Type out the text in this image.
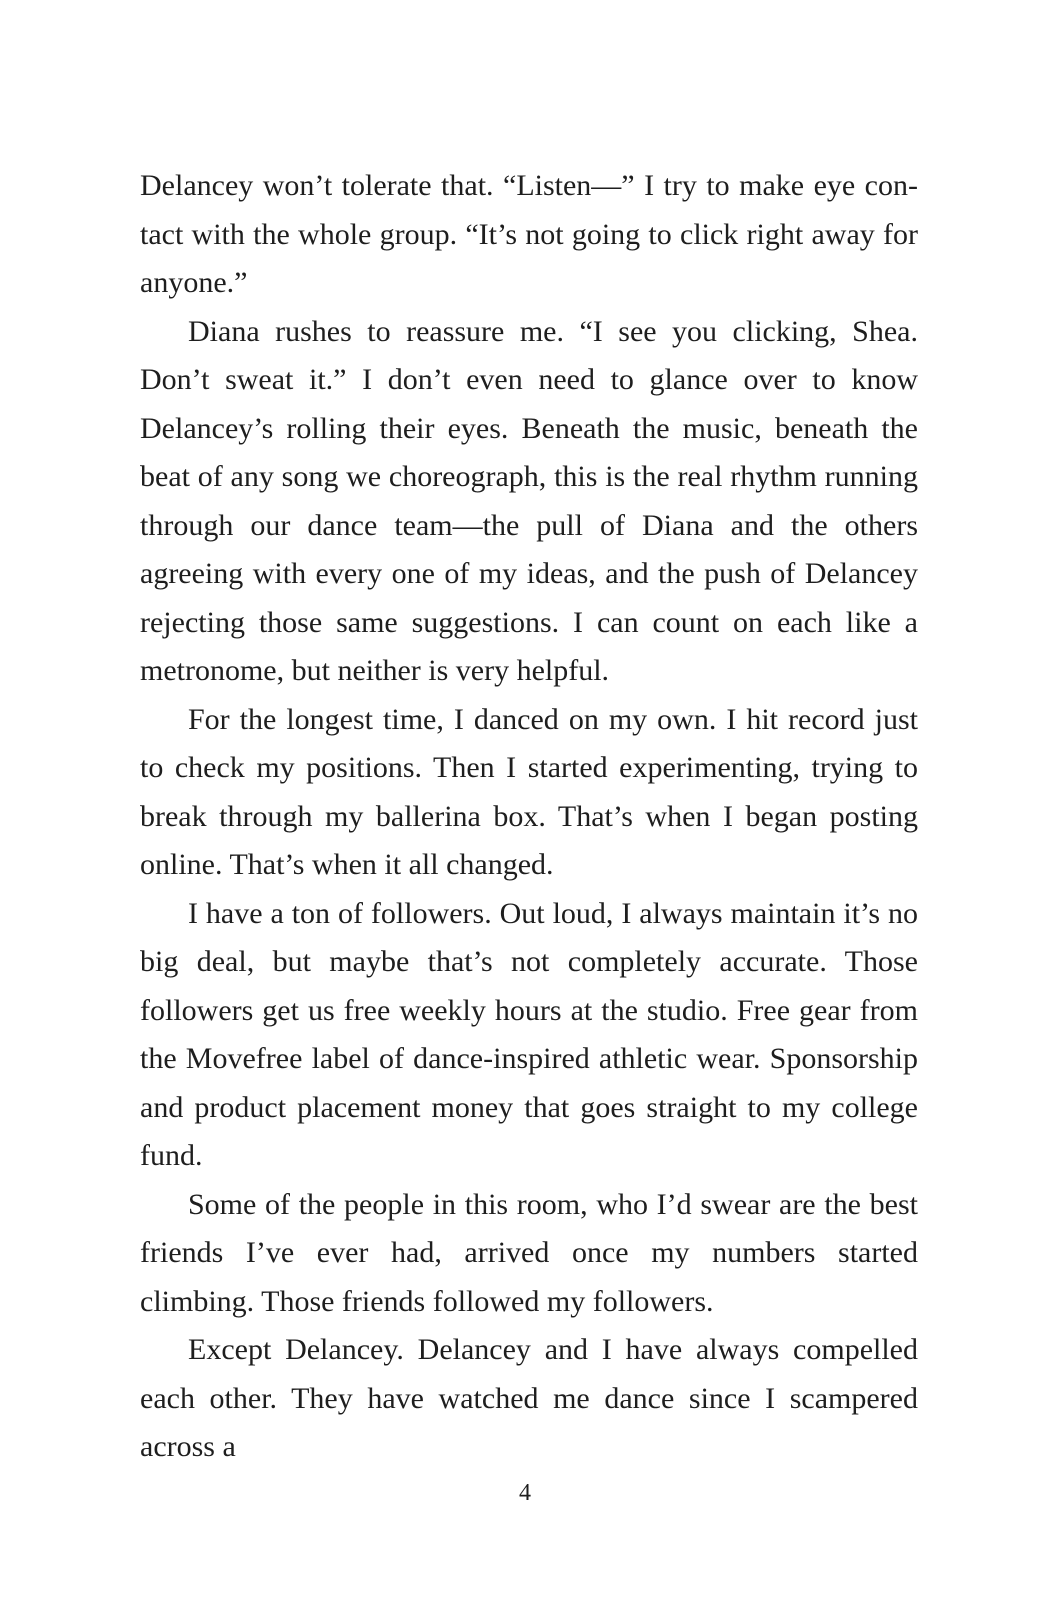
Delancey won’t tolerate that. “Listen—” I try to make eye contact with the whole group. “It’s not going to click right away for anyone.”

Diana rushes to reassure me. “I see you clicking, Shea. Don’t sweat it.” I don’t even need to glance over to know Delancey’s rolling their eyes. Beneath the music, beneath the beat of any song we choreograph, this is the real rhythm running through our dance team—the pull of Diana and the others agreeing with every one of my ideas, and the push of Delancey rejecting those same suggestions. I can count on each like a metronome, but neither is very helpful.

For the longest time, I danced on my own. I hit record just to check my positions. Then I started experimenting, trying to break through my ballerina box. That’s when I began posting online. That’s when it all changed.

I have a ton of followers. Out loud, I always maintain it’s no big deal, but maybe that’s not completely accurate. Those followers get us free weekly hours at the studio. Free gear from the Movefree label of dance-inspired athletic wear. Sponsorship and product placement money that goes straight to my college fund.

Some of the people in this room, who I’d swear are the best friends I’ve ever had, arrived once my numbers started climbing. Those friends followed my followers.

Except Delancey. Delancey and I have always compelled each other. They have watched me dance since I scampered across a

4
